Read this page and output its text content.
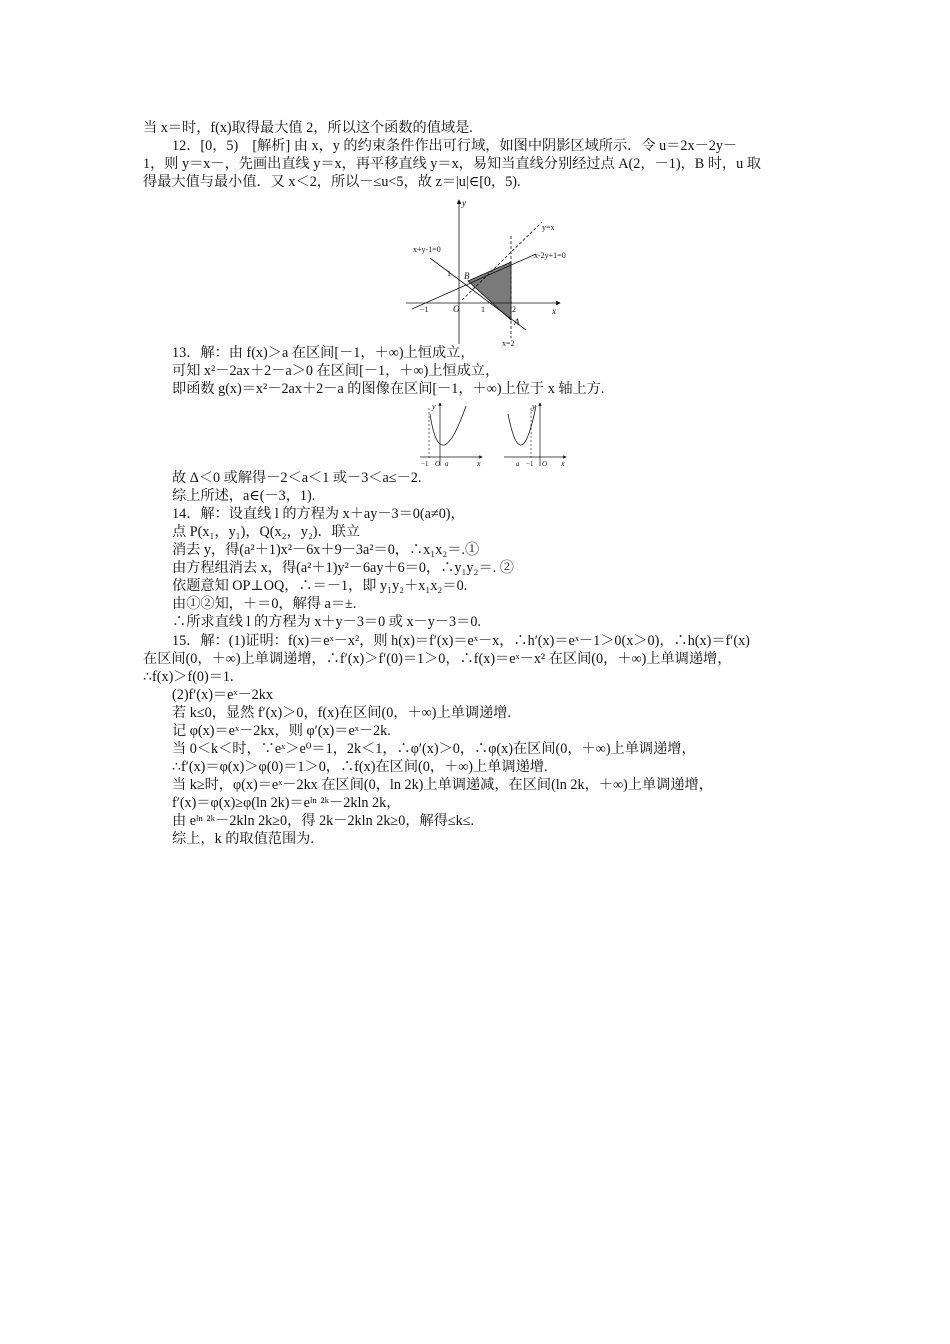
当 x＝时，f(x)取得最大值 2，所以这个函数的值域是.
12．[0，5)　[解析] 由 x，y 的约束条件作出可行域，如图中阴影区域所示．令 u＝2x－2y－
1，则 y＝x－，先画出直线 y＝x，再平移直线 y＝x，易知当直线分别经过点 A(2，－1)，B 时，u 取
得最大值与最小值．又 x＜2，所以－≤u<5，故 z＝|u|∈[0，5).
y
x
y=x
x+y-1=0
x-2y+1=0
B
A
O
1
−1	1	2
x=2
13．解：由 f(x)＞a 在区间[－1，＋∞)上恒成立，
可知 x²－2ax＋2－a＞0 在区间[－1，＋∞)上恒成立，
即函数 g(x)＝x²－2ax＋2－a 的图像在区间[－1，＋∞)上位于 x 轴上方.
y
x
−1 O a
y
x
a −1 O
故 Δ＜0 或解得－2＜a＜1 或－3＜a≤－2.
综上所述，a∈(－3，1).
14．解：设直线 l 的方程为 x＋ay－3＝0(a≠0)，
点 P(x₁，y₁)，Q(x₂，y₂)．联立
消去 y，得(a²＋1)x²－6x＋9－3a²＝0，∴x₁x₂＝.①
由方程组消去 x，得(a²＋1)y²－6ay＋6＝0，∴y₁y₂＝. ②
依题意知 OP⊥OQ，∴＝－1，即 y₁y₂＋x₁x₂＝0.
由①②知，＋＝0，解得 a＝±.
∴所求直线 l 的方程为 x＋y－3＝0 或 x－y－3＝0.
15．解：(1)证明：f(x)＝eˣ－x²，则 h(x)＝f′(x)＝eˣ－x，∴h′(x)＝eˣ－1＞0(x＞0)，∴h(x)＝f′(x)
在区间(0，＋∞)上单调递增，∴f′(x)＞f′(0)＝1＞0，∴f(x)＝eˣ－x² 在区间(0，＋∞)上单调递增，
∴f(x)＞f(0)＝1.
(2)f′(x)＝eˣ－2kx
若 k≤0，显然 f′(x)＞0，f(x)在区间(0，＋∞)上单调递增.
记 φ(x)＝eˣ－2kx，则 φ′(x)＝eˣ－2k.
当 0＜k＜时，∵eˣ＞e⁰＝1，2k＜1，∴φ′(x)＞0，∴φ(x)在区间(0，＋∞)上单调递增，
∴f′(x)＝φ(x)＞φ(0)＝1＞0，∴f(x)在区间(0，＋∞)上单调递增.
当 k≥时，φ(x)＝eˣ－2kx 在区间(0，ln 2k)上单调递减，在区间(ln 2k，＋∞)上单调递增，
f′(x)＝φ(x)≥φ(ln 2k)＝eˡⁿ ²ᵏ－2kln 2k，
由 eˡⁿ ²ᵏ－2kln 2k≥0，得 2k－2kln 2k≥0，解得≤k≤.
综上，k 的取值范围为.
